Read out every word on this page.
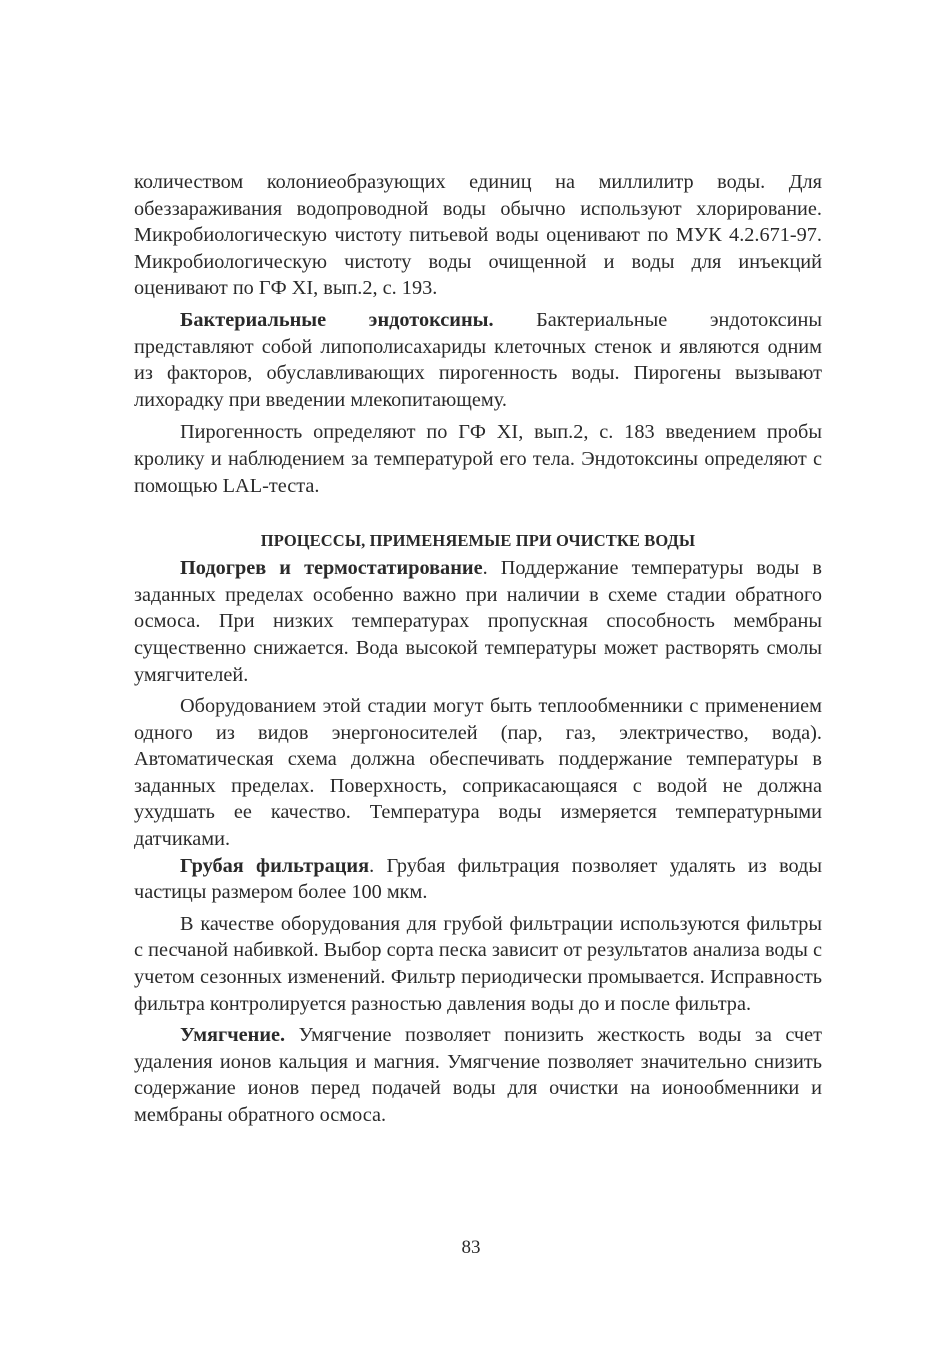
количеством колониеобразующих единиц на миллилитр воды. Для обеззараживания водопроводной воды обычно используют хлорирование. Микробиологическую чистоту питьевой воды оценивают по МУК 4.2.671-97. Микробиологическую чистоту воды очищенной и воды для инъекций оценивают по ГФ XI, вып.2, с. 193.

Бактериальные эндотоксины. Бактериальные эндотоксины представляют собой липополисахариды клеточных стенок и являются одним из факторов, обуславливающих пирогенность воды. Пирогены вызывают лихорадку при введении млекопитающему.

Пирогенность определяют по ГФ XI, вып.2, с. 183 введением пробы кролику и наблюдением за температурой его тела. Эндотоксины определяют с помощью LAL-теста.

ПРОЦЕССЫ, ПРИМЕНЯЕМЫЕ ПРИ ОЧИСТКЕ ВОДЫ

Подогрев и термостатирование. Поддержание температуры воды в заданных пределах особенно важно при наличии в схеме стадии обратного осмоса. При низких температурах пропускная способность мембраны существенно снижается. Вода высокой температуры может растворять смолы умягчителей.

Оборудованием этой стадии могут быть теплообменники с применением одного из видов энергоносителей (пар, газ, электричество, вода). Автоматическая схема должна обеспечивать поддержание температуры в заданных пределах. Поверхность, соприкасающаяся с водой не должна ухудшать ее качество. Температура воды измеряется температурными датчиками.

Грубая фильтрация. Грубая фильтрация позволяет удалять из воды частицы размером более 100 мкм.

В качестве оборудования для грубой фильтрации используются фильтры с песчаной набивкой. Выбор сорта песка зависит от результатов анализа воды с учетом сезонных изменений. Фильтр периодически промывается. Исправность фильтра контролируется разностью давления воды до и после фильтра.

Умягчение. Умягчение позволяет понизить жесткость воды за счет удаления ионов кальция и магния. Умягчение позволяет значительно снизить содержание ионов перед подачей воды для очистки на ионообменники и мембраны обратного осмоса.

83
